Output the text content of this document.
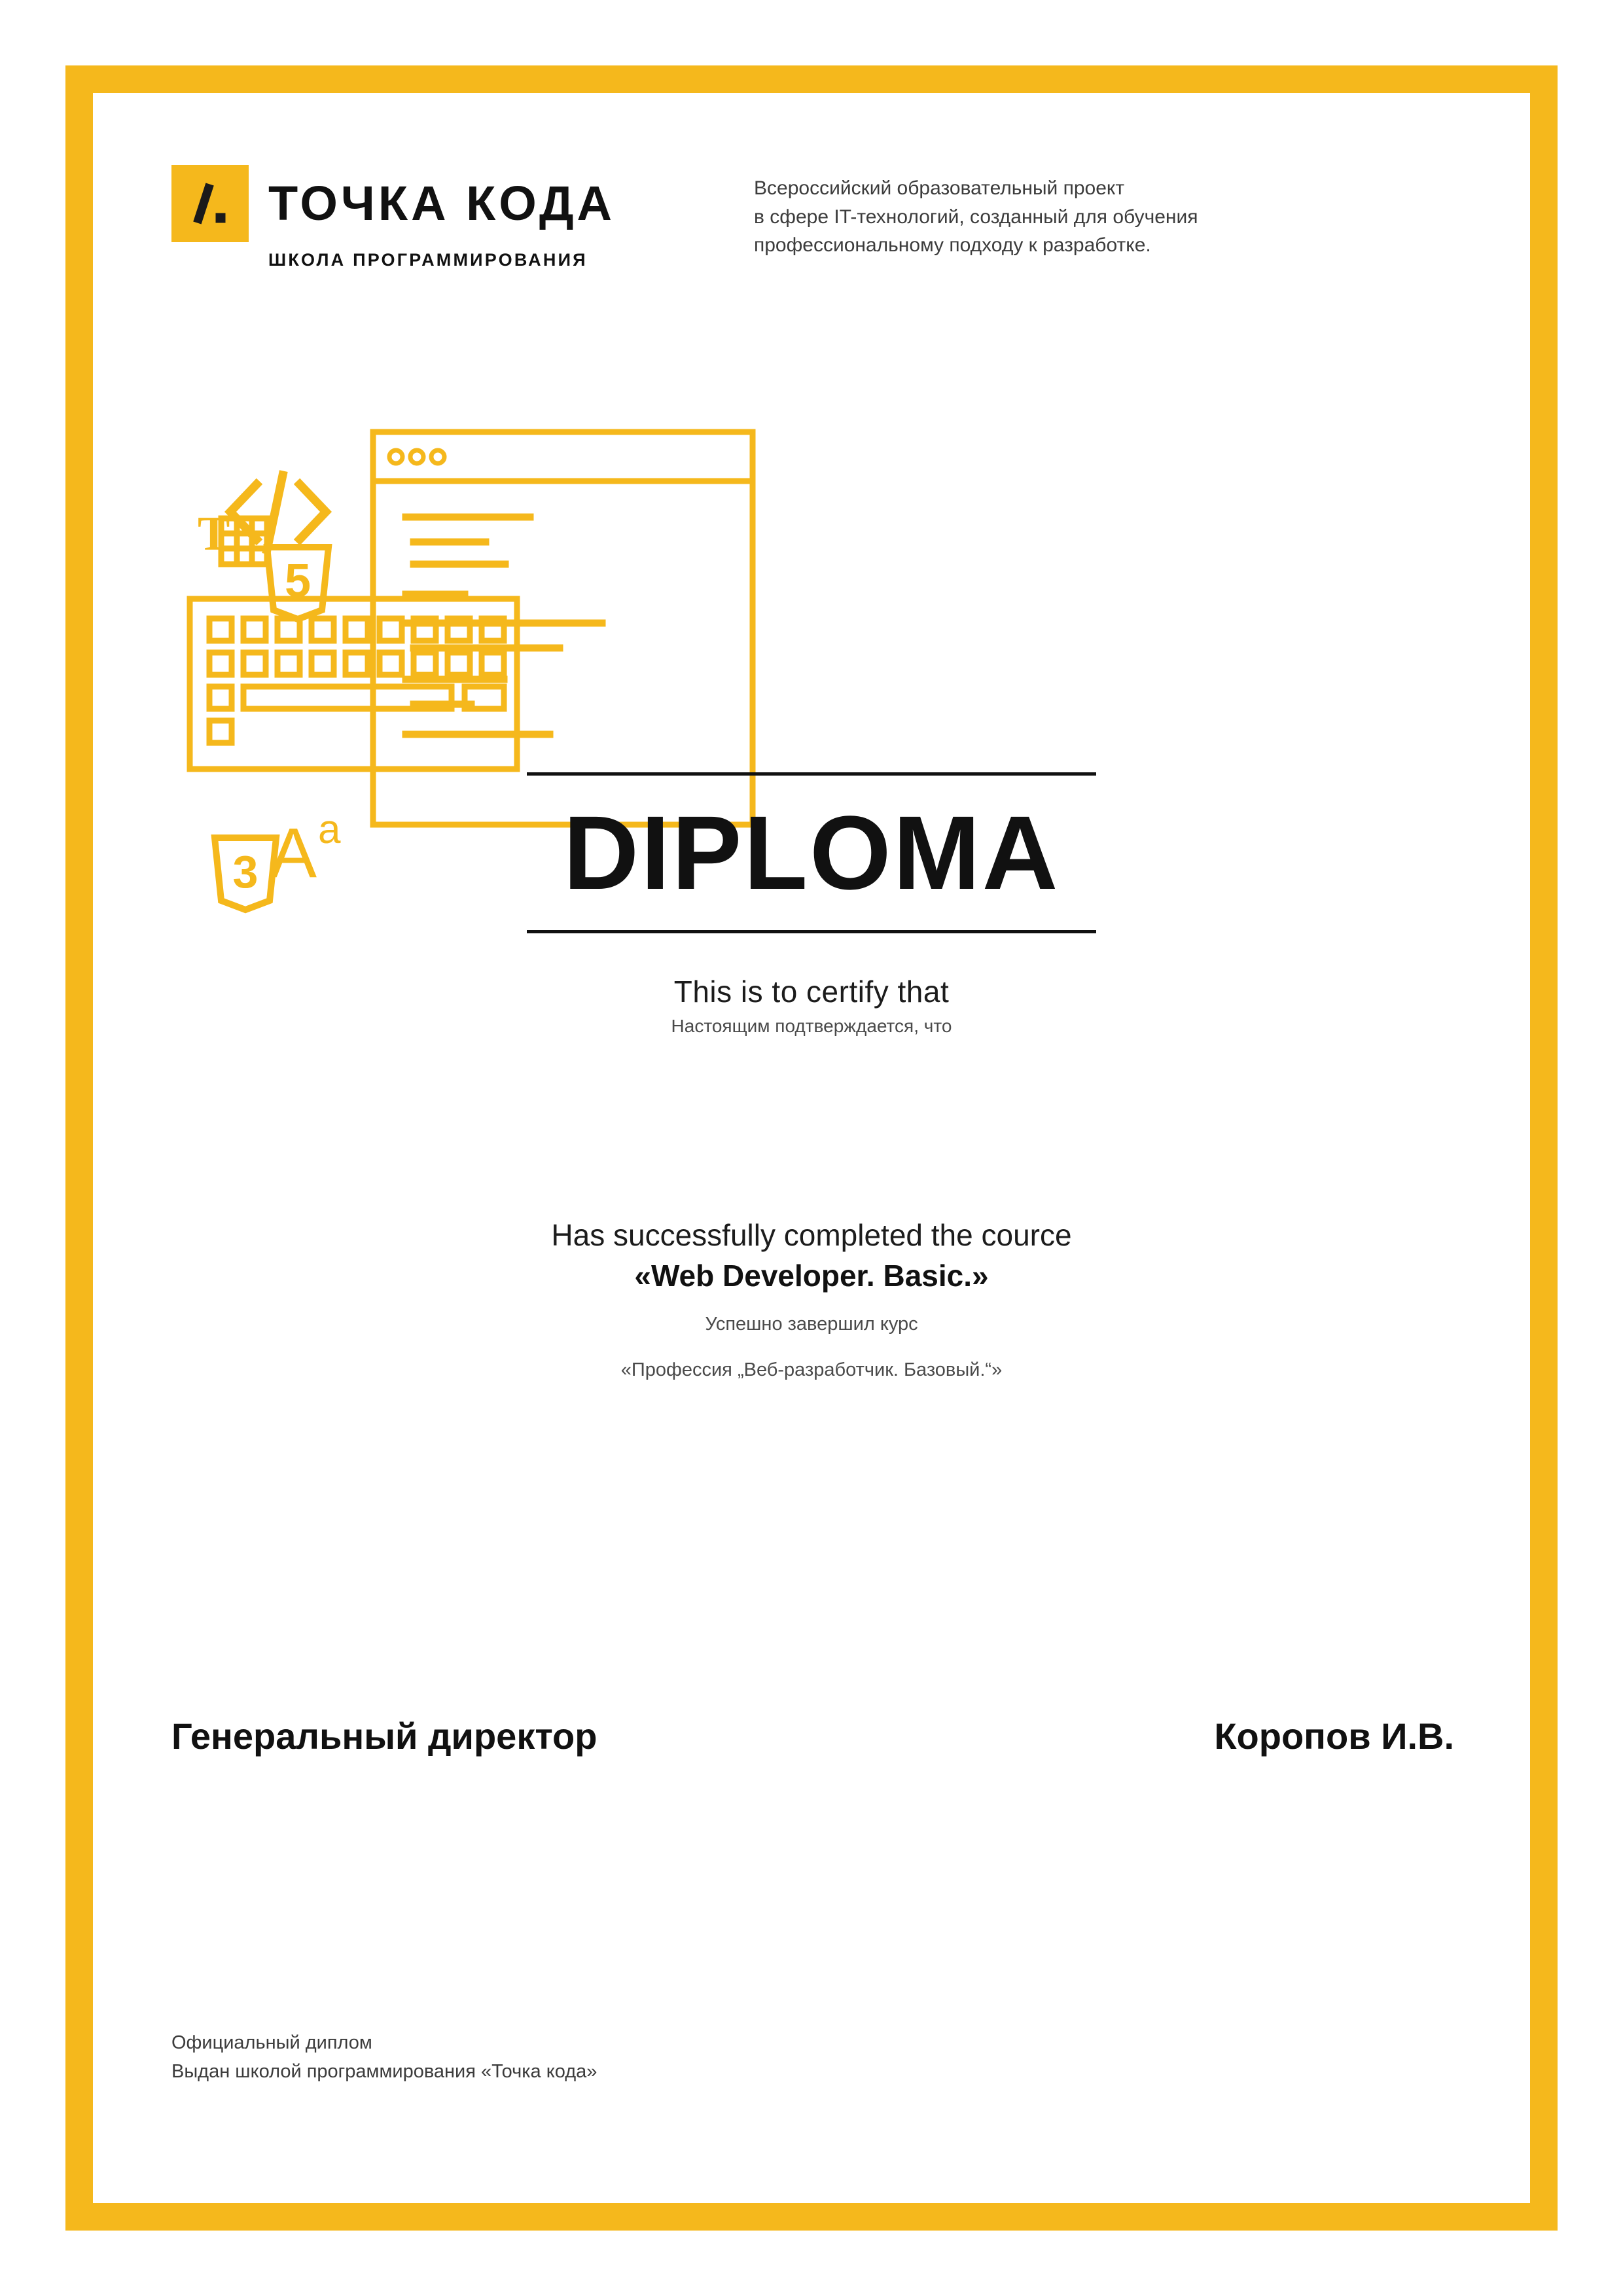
ТОЧКА КОДА
ШКОЛА ПРОГРАММИРОВАНИЯ
Всероссийский образовательный проект
в сфере IT-технологий, созданный для обучения
профессиональному подходу к разработке.
5
3
T
A a	DIPLOMA
This is to certify that
Настоящим подтверждается, что
Has successfully completed the cource
«Web Developer. Basic.»
Успешно завершил курс
«Профессия „Веб-разработчик. Базовый.“»
Генеральный директор	Коропов И.В.
Официальный диплом
Выдан школой программирования «Точка кода»
